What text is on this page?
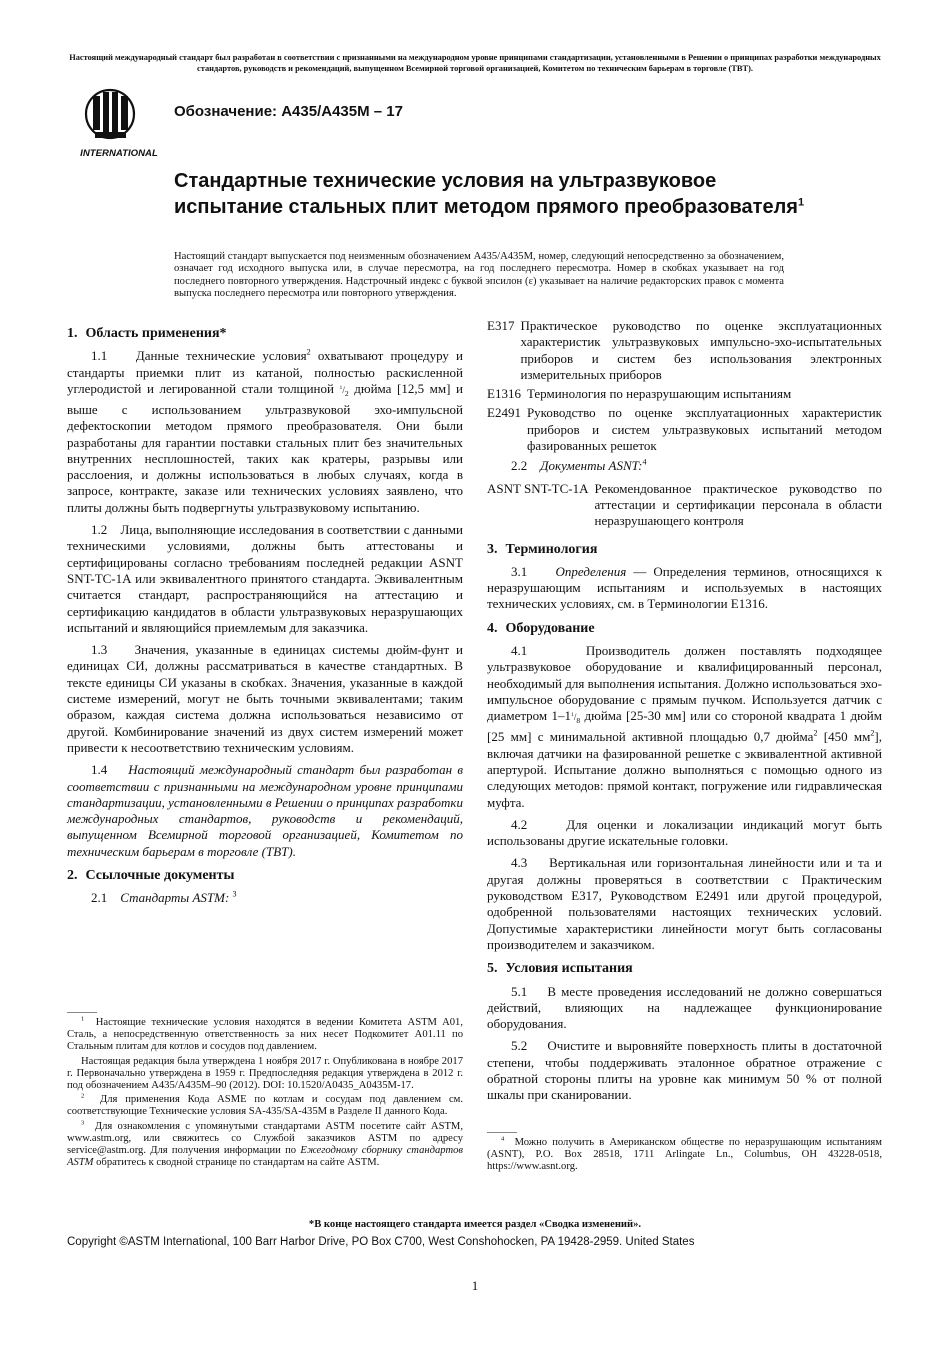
Настоящий международный стандарт был разработан в соответствии с признанными на международном уровне принципами стандартизации, установленными в Решении о принципах разработки международных стандартов, руководств и рекомендаций, выпущенном Всемирной торговой организацией, Комитетом по техническим барьерам в торговле (TBT).
INTERNATIONAL
Обозначение: A435/A435M – 17
Стандартные технические условия на ультразвуковое испытание стальных плит методом прямого преобразователя$^1$
Настоящий стандарт выпускается под неизменным обозначением A435/A435M, номер, следующий непосредственно за обозначением, означает год исходного выпуска или, в случае пересмотра, на год последнего пересмотра. Номер в скобках указывает на год последнего повторного утверждения. Надстрочный индекс с буквой эпсилон (ε) указывает на наличие редакторских правок с момента выпуска последнего пересмотра или повторного утверждения.
1. Область применения*

1.1 Данные технические условия$^2$ охватывают процедуру и стандарты приемки плит из катаной, полностью раскисленной углеродистой и легированной стали толщиной $^1/_2$ дюйма [12,5 мм] и выше с использованием ультразвуковой эхо-импульсной дефектоскопии методом прямого преобразователя. Они были разработаны для гарантии поставки стальных плит без значительных внутренних несплошностей, таких как кратеры, разрывы или расслоения, и должны использоваться в любых случаях, когда в запросе, контракте, заказе или технических условиях заявлено, что плиты должны быть подвергнуты ультразвуковому испытанию.

1.2 Лица, выполняющие исследования в соответствии с данными техническими условиями, должны быть аттестованы и сертифицированы согласно требованиям последней редакции ASNT SNT-TC-1A или эквивалентного принятого стандарта. Эквивалентным считается стандарт, распространяющийся на аттестацию и сертификацию кандидатов в области ультразвуковых неразрушающих испытаний и являющийся приемлемым для заказчика.

1.3 Значения, указанные в единицах системы дюйм-фунт и единицах СИ, должны рассматриваться в качестве стандартных. В тексте единицы СИ указаны в скобках. Значения, указанные в каждой системе измерений, могут не быть точными эквивалентами; таким образом, каждая система должна использоваться независимо от другой. Комбинирование значений из двух систем измерений может привести к несоответствию техническим условиям.

1.4 Настоящий международный стандарт был разработан в соответствии с признанными на международном уровне принципами стандартизации, установленными в Решении о принципах разработки международных стандартов, руководств и рекомендаций, выпущенном Всемирной торговой организацией, Комитетом по техническим барьерам в торговле (TBT).

2. Ссылочные документы

2.1 Стандарты ASTM: $^3$

$^1$ Настоящие технические условия находятся в ведении Комитета ASTM A01, Сталь, а непосредственную ответственность за них несет Подкомитет A01.11 по Стальным плитам для котлов и сосудов под давлением.

Настоящая редакция была утверждена 1 ноября 2017 г. Опубликована в ноябре 2017 г. Первоначально утверждена в 1959 г. Предпоследняя редакция утверждена в 2012 г. под обозначением A435/A435M–90 (2012). DOI: 10.1520/A0435_A0435M-17.

$^2$ Для применения Кода ASME по котлам и сосудам под давлением см. соответствующие Технические условия SA-435/SA-435M в Разделе II данного Кода.

$^3$ Для ознакомления с упомянутыми стандартами ASTM посетите сайт ASTM, www.astm.org, или свяжитесь со Службой заказчиков ASTM по адресу service@astm.org. Для получения информации по Ежегодному сборнику стандартов ASTM обратитесь к сводной странице по стандартам на сайте ASTM.

E317 Практическое руководство по оценке эксплуатационных характеристик ультразвуковых импульсно-эхо-испытательных приборов и систем без использования электронных измерительных приборов
E1316 Терминология по неразрушающим испытаниям
E2491 Руководство по оценке эксплуатационных характеристик приборов и систем ультразвуковых испытаний методом фазированных решеток

2.2 Документы ASNT:$^4$

ASNT SNT-TC-1A Рекомендованное практическое руководство по аттестации и сертификации персонала в области неразрушающего контроля
3. Терминология

3.1 Определения — Определения терминов, относящихся к неразрушающим испытаниям и используемых в настоящих технических условиях, см. в Терминологии E1316.

4. Оборудование

4.1	Производитель должен поставлять подходящее ультразвуковое оборудование и квалифицированный персонал, необходимый для выполнения испытания. Должно использоваться эхо-импульсное оборудование с прямым пучком. Используется датчик с диаметром $1-1^1/_8$ дюйма [25-30 мм] или со стороной квадрата 1 дюйм [25 мм] с минимальной активной площадью 0,7 дюйма$^2$ [450 $мм^2$], включая датчики на фазированной решетке с эквивалентной активной апертурой. Испытание должно выполняться с помощью одного из следующих методов: прямой контакт, погружение или гидравлическая муфта.

4.2	Для оценки и локализации индикаций могут быть использованы другие искательные головки.

4.3 Вертикальная или горизонтальная линейности или и та и другая должны проверяться в соответствии с Практическим руководством E317, Руководством E2491 или другой процедурой, одобренной пользователями настоящих технических условий. Допустимые характеристики линейности могут быть согласованы производителем и заказчиком.

5. Условия испытания

5.1 В месте проведения исследований не должно совершаться действий, влияющих на надлежащее функционирование оборудования.

5.2 Очистите и выровняйте поверхность плиты в достаточной степени, чтобы поддерживать эталонное обратное отражение с обратной стороны плиты на уровне как минимум 50 % от полной шкалы при сканировании.

$^4$ Можно получить в Американском обществе по неразрушающим испытаниям (ASNT), P.O. Box 28518, 1711 Arlingate Ln., Columbus, OH 43228-0518, https://www.asnt.org.

*В конце настоящего стандарта имеется раздел «Сводка изменений».
Copyright ©ASTM International, 100 Barr Harbor Drive, PO Box C700, West Conshohocken, PA 19428-2959. United States
1
